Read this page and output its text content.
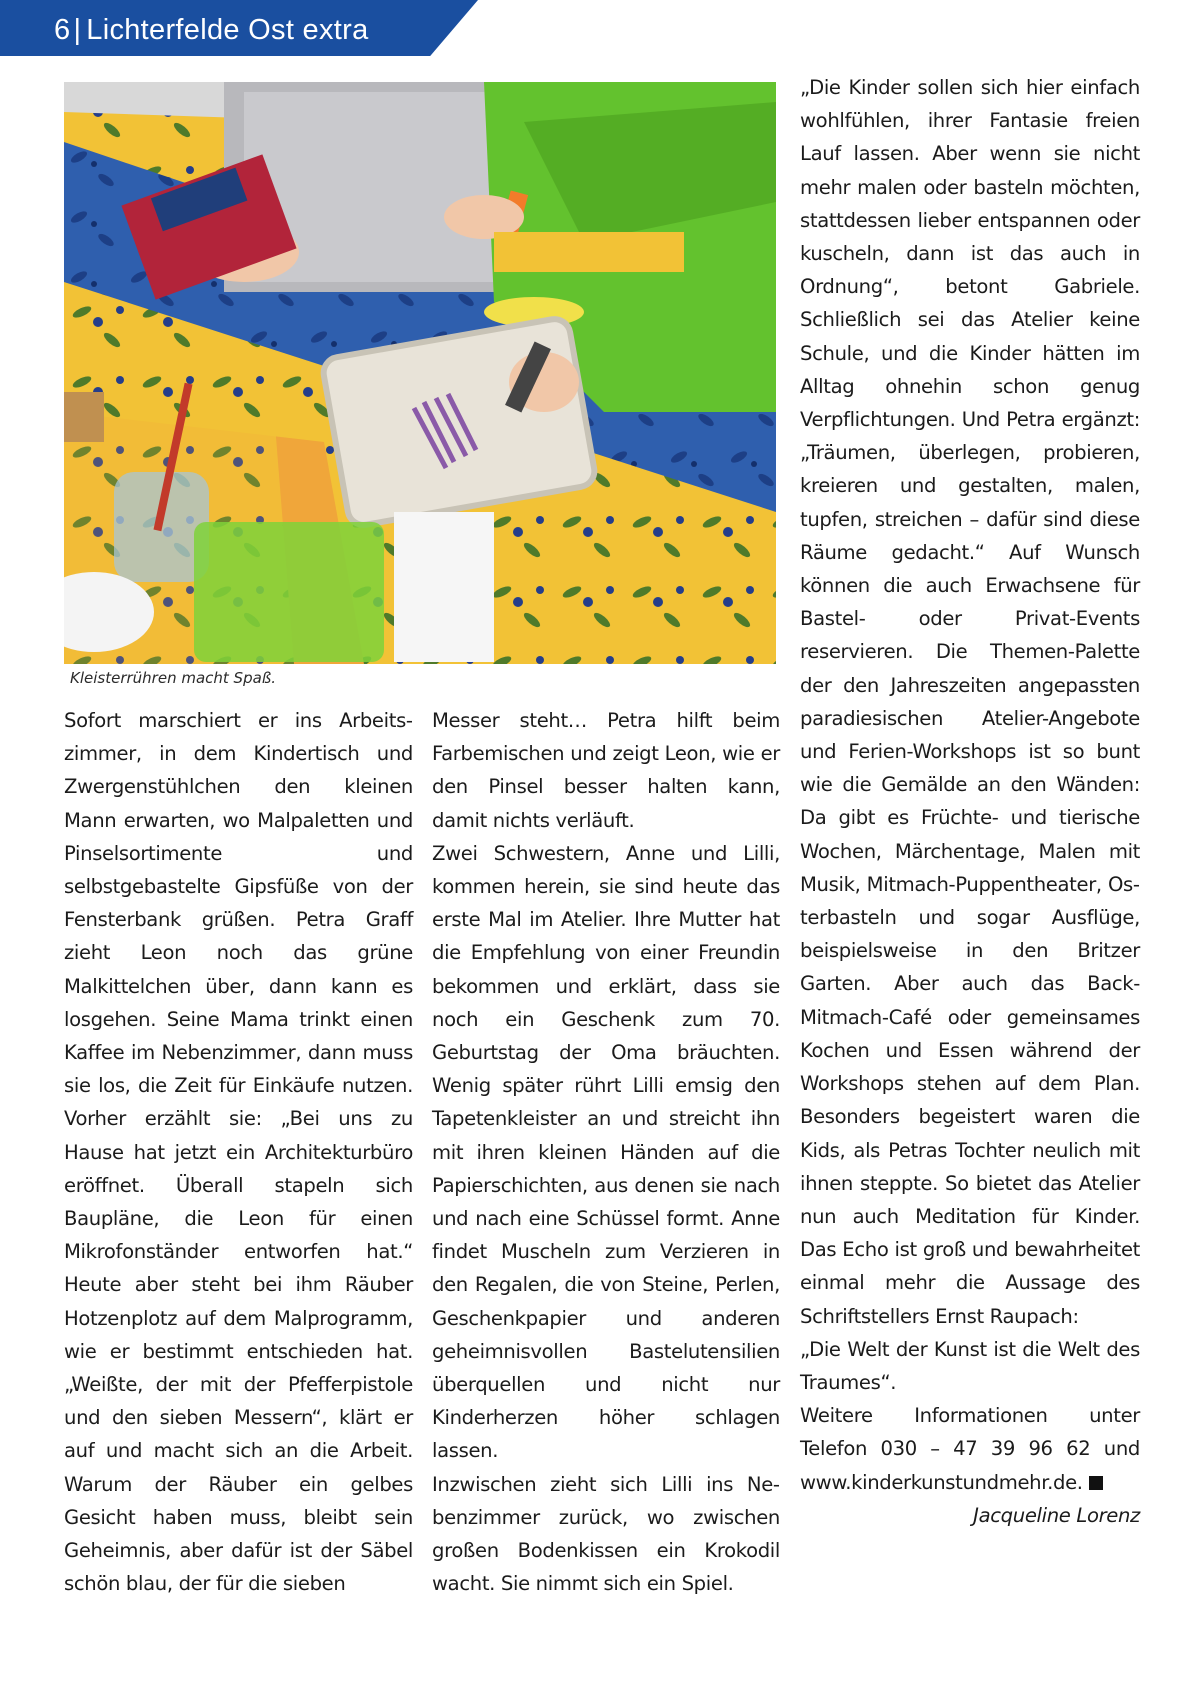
6 | Lichterfelde Ost extra
Kleisterrühren macht Spaß.

Sofort marschiert er ins Arbeitszimmer, in dem Kindertisch und Zwergenstühlchen den kleinen Mann erwarten, wo Malpaletten und Pinselsortimente und selbstgebastelte Gipsfüße von der Fensterbank grüßen. Petra Graff zieht Leon noch das grüne Malkittelchen über, dann kann es losgehen. Seine Mama trinkt einen Kaffee im Nebenzimmer, dann muss sie los, die Zeit für Einkäufe nutzen. Vorher erzählt sie: „Bei uns zu Hause hat jetzt ein Architekturbüro eröffnet. Überall stapeln sich Baupläne, die Leon für einen Mikrofonständer entworfen hat.“ Heute aber steht bei ihm Räuber Hotzenplotz auf dem Malprogramm, wie er bestimmt entschieden hat. „Weißte, der mit der Pfefferpistole und den sieben Messern“, klärt er auf und macht sich an die Arbeit. Warum der Räuber ein gelbes Gesicht haben muss, bleibt sein Geheimnis, aber dafür ist der Säbel schön blau, der für die sieben

Messer steht… Petra hilft beim Farbemischen und zeigt Leon, wie er den Pinsel besser halten kann, damit nichts verläuft.

Zwei Schwestern, Anne und Lilli, kommen herein, sie sind heute das erste Mal im Atelier. Ihre Mutter hat die Empfehlung von einer Freundin bekommen und erklärt, dass sie noch ein Geschenk zum 70. Geburtstag der Oma bräuchten. Wenig später rührt Lilli emsig den Tapetenkleister an und streicht ihn mit ihren kleinen Händen auf die Papierschichten, aus denen sie nach und nach eine Schüssel formt. Anne findet Muscheln zum Verzieren in den Regalen, die von Steine, Perlen, Geschenkpapier und anderen geheimnisvollen Bastelutensilien überquellen und nicht nur Kinderherzen höher schlagen lassen.

Inzwischen zieht sich Lilli ins Nebenzimmer zurück, wo zwischen großen Bodenkissen ein Krokodil wacht. Sie nimmt sich ein Spiel.

„Die Kinder sollen sich hier einfach wohlfühlen, ihrer Fantasie freien Lauf lassen. Aber wenn sie nicht mehr malen oder basteln möchten, stattdessen lieber entspannen oder kuscheln, dann ist das auch in Ordnung“, betont Gabriele. Schließlich sei das Atelier keine Schule, und die Kinder hätten im Alltag ohnehin schon genug Verpflichtungen. Und Petra ergänzt: „Träumen, überlegen, probieren, kreieren und gestalten, malen, tupfen, streichen – dafür sind diese Räume gedacht.“ Auf Wunsch können die auch Erwachsene für Bastel- oder Privat-Events reservieren. Die Themen-Palette der den Jahreszeiten angepassten paradiesischen Atelier-Angebote und Ferien-Workshops ist so bunt wie die Gemälde an den Wänden: Da gibt es Früchte- und tierische Wochen, Märchentage, Malen mit Musik, Mitmach-Puppentheater, Osterbasteln und sogar Ausflüge, beispielsweise in den Britzer Garten. Aber auch das Back-Mitmach-Café oder gemeinsames Kochen und Essen während der Workshops stehen auf dem Plan. Besonders begeistert waren die Kids, als Petras Tochter neulich mit ihnen steppte. So bietet das Atelier nun auch Meditation für Kinder. Das Echo ist groß und bewahrheitet einmal mehr die Aussage des Schriftstellers Ernst Raupach:

„Die Welt der Kunst ist die Welt des Traumes“.

Weitere Informationen unter Telefon 030 – 47 39 96 62 und www.kinderkunstundmehr.de.

Jacqueline Lorenz
